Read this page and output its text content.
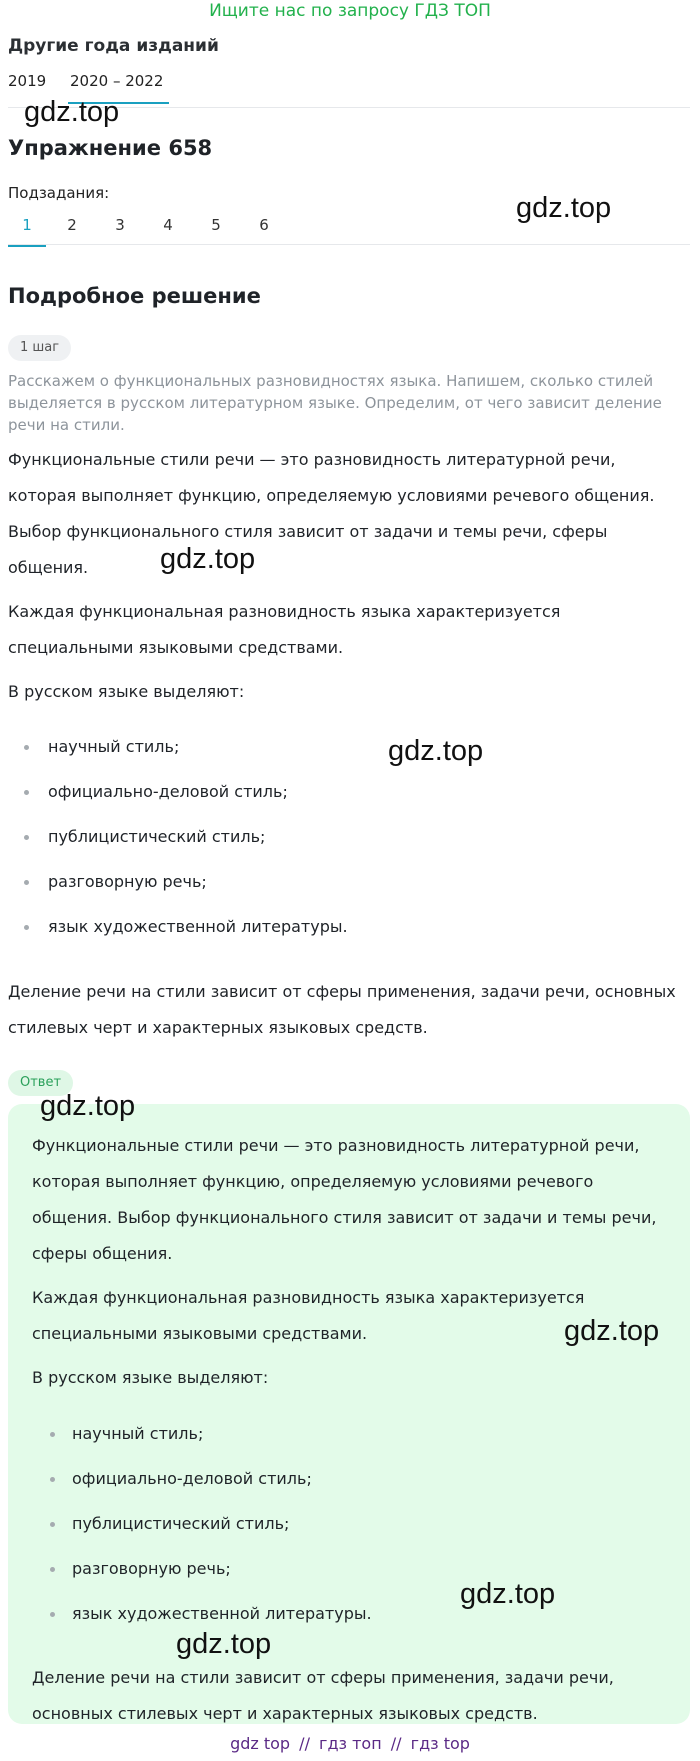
Ищите нас по запросу ГДЗ ТОП
Другие года изданий
2019 2020 – 2022
Упражнение 658
Подзадания:
1	2	3	4	5	6
Подробное решение
1 шаг
Расскажем о функциональных разновидностях языка. Напишем, сколько стилей выделяется в русском литературном языке. Определим, от чего зависит деление речи на стили.
Функциональные стили речи — это разновидность литературной речи,
которая выполняет функцию, определяемую условиями речевого общения.
Выбор функционального стиля зависит от задачи и темы речи, сферы
общения.
Каждая функциональная разновидность языка характеризуется
специальными языковыми средствами.
В русском языке выделяют:
научный стиль;
официально-деловой стиль;
публицистический стиль;
разговорную речь;
язык художественной литературы.
Деление речи на стили зависит от сферы применения, задачи речи, основных
стилевых черт и характерных языковых средств.
Ответ
Функциональные стили речи — это разновидность литературной речи,
которая выполняет функцию, определяемую условиями речевого
общения. Выбор функционального стиля зависит от задачи и темы речи,
сферы общения.
Каждая функциональная разновидность языка характеризуется
специальными языковыми средствами.
В русском языке выделяют:
научный стиль;
официально-деловой стиль;
публицистический стиль;
разговорную речь;
язык художественной литературы.
Деление речи на стили зависит от сферы применения, задачи речи,
основных стилевых черт и характерных языковых средств.
gdz.top
gdz.top
gdz.top
gdz.top
gdz.top
gdz.top
gdz.top
gdz.top
gdz top // гдз топ // гдз top
